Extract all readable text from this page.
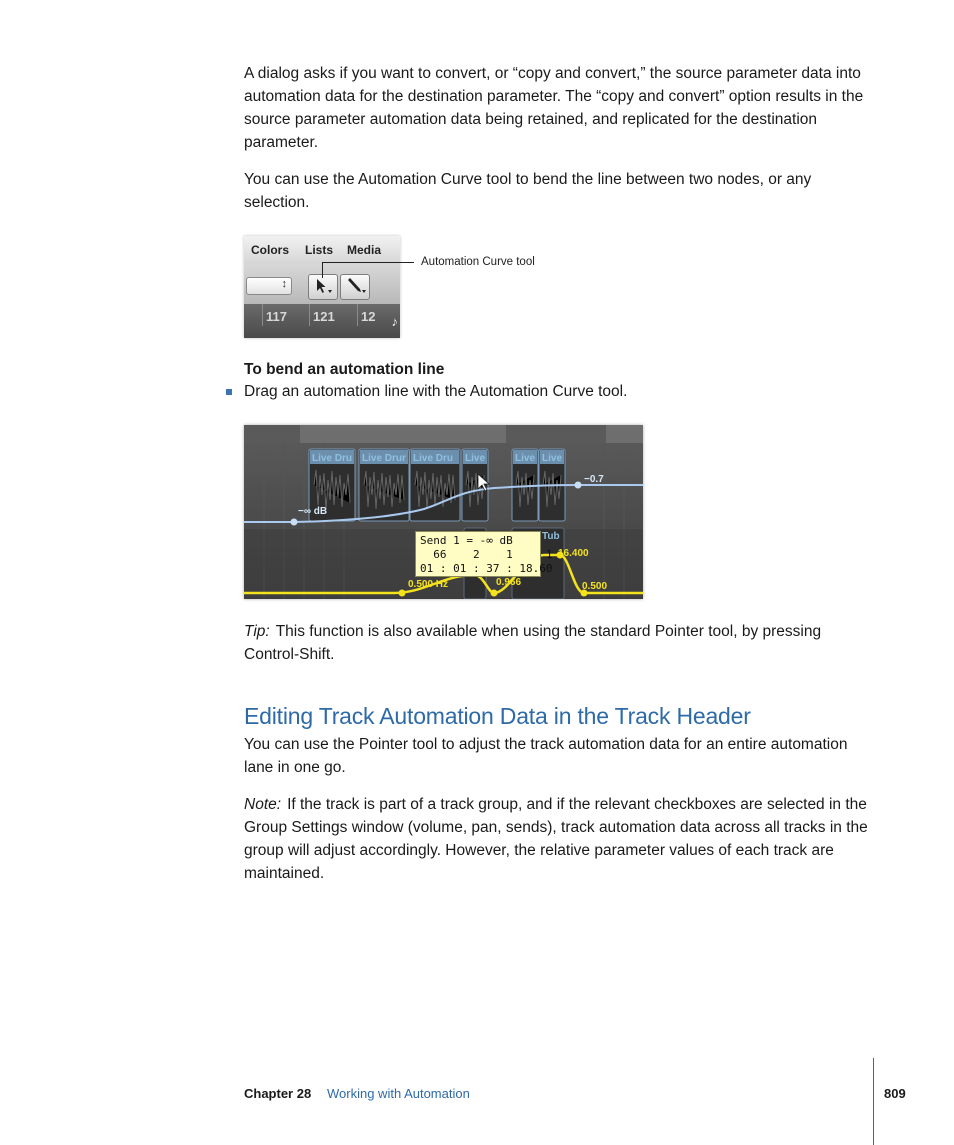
A dialog asks if you want to convert, or “copy and convert,” the source parameter data into automation data for the destination parameter. The “copy and convert” option results in the source parameter automation data being retained, and replicated for the destination parameter.

You can use the Automation Curve tool to bend the line between two nodes, or any selection.

Colors Lists Media
↕
117 121 12 ♪
Automation Curve tool
To bend an automation line

Drag an automation line with the Automation Curve tool.

Live Dru Live Drur Live Dru Live	Live Live
−∞ dB
−0.7
Tub
16.400
0.500 Hz	0.966	0.500
Send 1 = -∞ dB
66    2    1     1
01 : 01 : 37 : 18.60

Tip: This function is also available when using the standard Pointer tool, by pressing Control-Shift.

Editing Track Automation Data in the Track Header

You can use the Pointer tool to adjust the track automation data for an entire automation lane in one go.

Note: If the track is part of a track group, and if the relevant checkboxes are selected in the Group Settings window (volume, pan, sends), track automation data across all tracks in the group will adjust accordingly. However, the relative parameter values of each track are maintained.

Chapter 28 Working with Automation	809
